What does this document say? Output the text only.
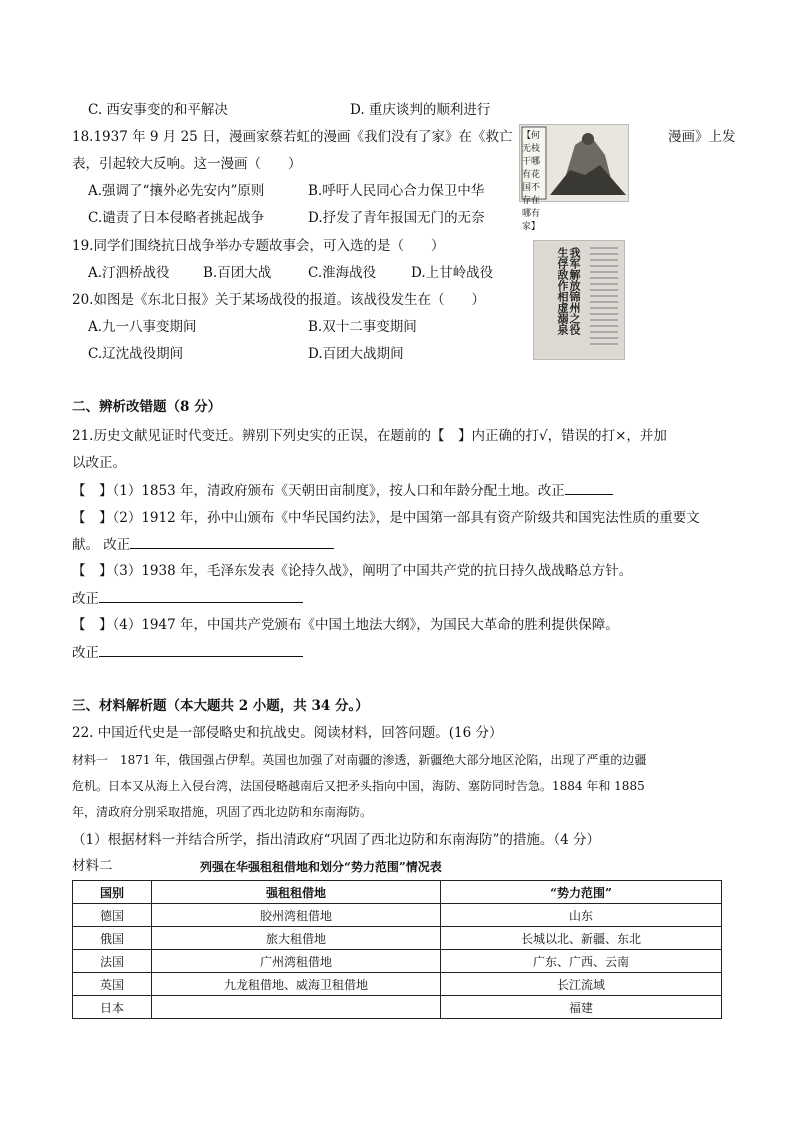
C. 西安事变的和平解决	D. 重庆谈判的顺利进行
18.1937 年 9 月 25 日，漫画家蔡若虹的漫画《我们没有了家》在《救亡 【何无枝干哪有花 国不存在哪有家】
漫画》上发
表，引起较大反响。这一漫画（　　）
A.强调了“攘外必先安内”原则	B.呼吁人民同心合力保卫中华
C.谴责了日本侵略者挑起战争	D.抒发了青年报国无门的无奈
19.同学们围绕抗日战争举办专题故事会，可入选的是（　　）
A.汀泗桥战役 B.百团大战	C.淮海战役	D.上甘岭战役	我军解放锦州之役 生俘敌作相虚溺泉
20.如图是《东北日报》关于某场战役的报道。该战役发生在（　　）
A.九一八事变期间	B.双十二事变期间
C.辽沈战役期间	D.百团大战期间
二、辨析改错题（8 分）
21.历史文献见证时代变迁。辨别下列史实的正误，在题前的【　】内正确的打√，错误的打×，并加
以改正。
【　】（1）1853 年，清政府颁布《天朝田亩制度》，按人口和年龄分配土地。改正
【　】（2）1912 年，孙中山颁布《中华民国约法》，是中国第一部具有资产阶级共和国宪法性质的重要文
献。 改正
【　】（3）1938 年，毛泽东发表《论持久战》，阐明了中国共产党的抗日持久战战略总方针。
改正
【　】（4）1947 年，中国共产党颁布《中国土地法大纲》，为国民大革命的胜利提供保障。
改正
三、材料解析题（本大题共 2 小题，共 34 分。）
22. 中国近代史是一部侵略史和抗战史。阅读材料，回答问题。(16 分）
材料一　1871 年，俄国强占伊犁。英国也加强了对南疆的渗透，新疆绝大部分地区沦陷，出现了严重的边疆
危机。日本又从海上入侵台湾，法国侵略越南后又把矛头指向中国，海防、塞防同时告急。1884 年和 1885
年，清政府分别采取措施，巩固了西北边防和东南海防。
（1）根据材料一并结合所学，指出清政府“巩固了西北边防和东南海防”的措施。（4 分）
材料二	列强在华强租租借地和划分“势力范围”情况表
国别	强租租借地	“势力范围”
德国	胶州湾租借地	山东
俄国	旅大租借地	长城以北、新疆、东北
法国	广州湾租借地	广东、广西、云南
英国	九龙租借地、威海卫租借地	长江流域
日本		福建
